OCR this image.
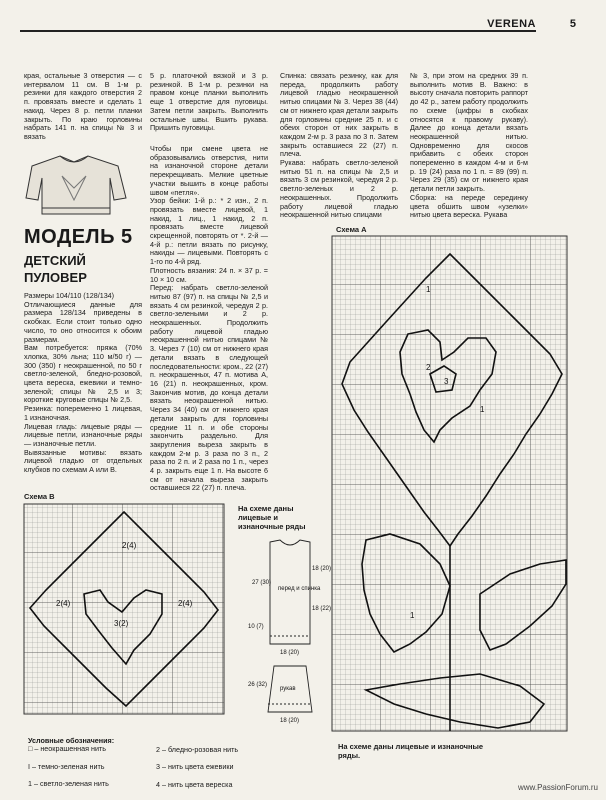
VERENA	5

края, остальные 3 отверстия — с интервалом 11 см. В 1-м р. резинки для каждого отверстия 2 п. провязать вместе и сделать 1 накид. Через 8 р. петли планки закрыть. По краю горловины набрать 141 п. на спицы № 3 и вязать

МОДЕЛЬ 5
ДЕТСКИЙ ПУЛОВЕР

Размеры 104/110 (128/134)
Отличающиеся данные для размера 128/134 приведены в скобках. Если стоит только одно число, то оно относится к обоим размерам.
Вам потребуется: пряжа (70% хлопка, 30% льна; 110 м/50 г) — 300 (350) г неокрашенной, по 50 г светло-зеленой, бледно-розовой, цвета вереска, ежевики и темно-зеленой; спицы № 2,5 и 3; короткие круговые спицы № 2,5.
Резинка: попеременно 1 лицевая, 1 изнаночная.
Лицевая гладь: лицевые ряды — лицевые петли, изнаночные ряды — изнаночные петли.
Вывязанные мотивы: вязать лицевой гладью от отдельных клубков по схемам А или В.

5 р. платочной вязкой и 3 р. резинкой. В 1-м р. резинки на правом конце планки выполнить еще 1 отверстие для пуговицы. Затем петли закрыть. Выполнить остальные швы. Вшить рукава. Пришить пуговицы.

Чтобы при смене цвета не образовывались отверстия, нити на изнаночной стороне детали перекрещивать. Мелкие цветные участки вышить в конце работы швом «петля».
Узор бейки: 1-й р.: * 2 изн., 2 п. провязать вместе лицевой, 1 накид, 1 лиц., 1 накид, 2 п. провязать вместе лицевой скрещенной, повторять от *. 2-й — 4-й р.: петли вязать по рисунку, накиды — лицевыми. Повторять с 1-го по 4-й ряд.
Плотность вязания: 24 п. × 37 р. = 10 × 10 см.
Перед: набрать светло-зеленой нитью 87 (97) п. на спицы № 2,5 и вязать 4 см резинкой, чередуя 2 р. светло-зелеными и 2 р. неокрашенных. Продолжить работу лицевой гладью неокрашенной нитью спицами № 3. Через 7 (10) см от нижнего края детали вязать в следующей последовательности: кром., 22 (27) п. неокрашенных, 47 п. мотива А, 16 (21) п. неокрашенных, кром. Закончив мотив, до конца детали вязать неокрашенной нитью. Через 34 (40) см от нижнего края детали закрыть для горловины средние 11 п. и обе стороны закончить раздельно. Для закругления выреза закрыть в каждом 2-м р. 3 раза по 3 п., 2 раза по 2 п. и 2 раза по 1 п., через 4 р. закрыть еще 1 п. На высоте 6 см от начала выреза закрыть оставшиеся 22 (27) п. плеча.

Спинка: связать резинку, как для переда, продолжить работу лицевой гладью неокрашенной нитью спицами № 3. Через 38 (44) см от нижнего края детали закрыть для горловины средние 25 п. и с обеих сторон от них закрыть в каждом 2-м р. 3 раза по 3 п. Затем закрыть оставшиеся 22 (27) п. плеча.
Рукава: набрать светло-зеленой нитью 51 п. на спицы № 2,5 и вязать 3 см резинкой, чередуя 2 р. светло-зеленых и 2 р. неокрашенных. Продолжить работу лицевой гладью неокрашенной нитью спицами

№ 3, при этом на средних 39 п. выполнить мотив В. Важно: в высоту сначала повторить раппорт до 42 р., затем работу продолжить по схеме (цифры в скобках относятся к правому рукаву). Далее до конца детали вязать неокрашенной нитью. Одновременно для скосов прибавить с обеих сторон попеременно в каждом 4-м и 6-м р. 19 (24) раза по 1 п. = 89 (99) п. Через 29 (35) см от нижнего края детали петли закрыть.
Сборка: на переде серединку цвета обшить швом «узелки» нитью цвета вереска. Рукава

Схема А
1
1
3
2
1
Схема В
2(4)
2(4)	2(4)
3(2)
На схеме даны лицевые и изнаночные ряды
перед и спинка
рукав
27 (30)
18 (20)
18 (22)
10 (7)
18 (20)
26 (32)
18 (20)
На схеме даны лицевые и изнаночные ряды.

Условные обозначения:

□ – неокрашенная нить

I – темно-зеленая нить

1 – светло-зеленая нить

2 – бледно-розовая нить

3 – нить цвета ежевики

4 – нить цвета вереска	www.PassionForum.ru
